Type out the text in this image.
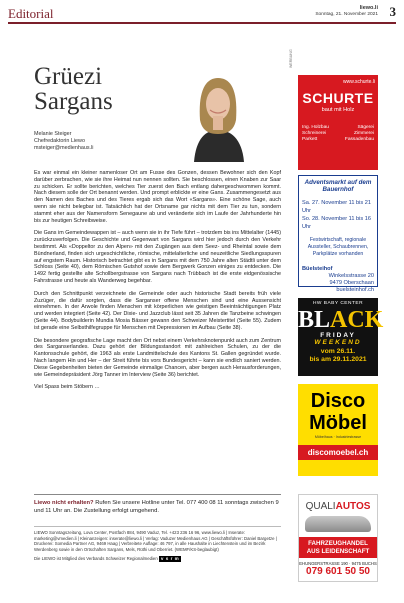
Editorial	liewo.li
Sonntag, 21. November 2021 3
Grüezi
Sargans
Melanie Steiger
Chefredaktorin Liewo
msteiger@medienhaus.li

Es war einmal ein kleiner namenloser Ort am Fusse des Gonzen, dessen Bewohner sich den Kopf darüber zerbrachen, wie sie ihre Heimat nun nennen sollten. Sie beschlossen, einen Knaben zur Saar zu schicken. Er sollte berichten, welches Tier zuerst den Bach entlang dahergeschwommen kommt. Nach diesem solle der Ort benannt werden. Und prompt erblickte er eine Gans. Zusammengesetzt aus den Namen des Baches und des Tieres ergab sich das Wort «Sargans». Eine schöne Sage, auch wenn sie nicht belegbar ist. Tatsächlich hat der Ortsname gar nichts mit dem Tier zu tun, sondern stammt eher aus der Namensform Senegaune ab und veränderte sich im Laufe der Jahrhunderte hin bis zur heutigen Schreibweise.

Die Gans im Gemeindewappen ist – auch wenn sie in ihr Tiefe führt – trotzdem bis ins Mittelalter (1445) zurückzuverfolgen. Die Geschichte und Gegenwart von Sargans wird hier jedoch durch den Verkehr bestimmt. Als «Doppeltor zu den Alpen» mit den Zugängen aus dem Seez- und Rheintal sowie dem Bündnerland, finden sich urgeschichtliche, römische, mittelalterliche und neuzeitliche Siedlungsspuren auf engstem Raum. Historisch betrachtet gibt es in Sargans mit dem 750 Jahre alten Städtli unter dem Schloss (Seite 40), dem Römischen Gutshof sowie dem Bergwerk Gonzen einiges zu entdecken. Die 1492 fertig gestellte alte Schollbergstrasse von Sargans nach Trübbach ist die erste eidgenössische Fahrstrasse und heute als Wanderweg begehbar.

Durch den Schnittpunkt verzeichnete die Gemeinde oder auch historische Stadt bereits früh viele Zuzüger, die dafür sorgten, dass die Sarganser offene Menschen sind und eine Aussensicht einnehmen. In der Arwole finden Menschen mit körperlichen wie geistigen Beeinträchtigungen Platz und werden integriert (Seite 42). Der Dixie- und Jazzclub lässt seit 35 Jahren die Tanzbeine schwingen (Seite 44). Bodybuilderin Mundia Mosia Bässer gewann den Schweizer Meistertitel (Seite 55). Zudem ist gerade eine Selbsthilfegruppe für Menschen mit Depressionen im Aufbau (Seite 38).

Die besondere geografische Lage macht den Ort nebst einem Verkehrsknotenpunkt auch zum Zentrum des Sarganserlandes. Dazu gehört der Bildungsstandort mit zahlreichen Schulen, zu der die Kantonsschule gehört, die 1963 als erste Landmittelschule des Kantons St. Gallen gegründet wurde. Nach langem Hin und Her – der Streit führte bis vors Bundesgericht – kann sie endlich saniert werden. Diese Gegebenheiten bieten der Gemeinde einmalige Chancen, aber bergen auch Herausforderungen, wie Gemeindepräsident Jörg Tanner im Interview (Seite 36) berichtet.

Viel Spass beim Stöbern …

Liewo nicht erhalten? Rufen Sie unsere Hotline unter Tel. 077 400 08 11 sonntags zwischen 9 und 11 Uhr an. Die Zustellung erfolgt umgehend.
LIEWO Sonntagszeitung, Lova Center, Postfach 884, 9490 Vaduz, Tel. +423 236 16 96, www.liewo.li | Inserate: marketing@vmedien.li | Kleinanzeigen: inserate@liewo.li | Verlag: Vaduzer Medienhaus AG | Geschäftsführer: Daniel Bargetze | Druckerei: Somedia Partner AG, 9469 Haag | Verbreitete Auflage: 46 797, in alle Haushalte in Liechtenstein und im Bezirk Werdenberg sowie in den Ortschaften Sargans, Mels, Rüthi und Oberriet. (WEMF/KS-beglaubigt)
Die LIEWO ist Mitglied des Verbands Schweizer Regionalmedien v s r m
WERBUNG
www.schurte.li
SCHURTE
baut mit Holz
Ing. Holzbau	Sägerei
Schreinerei	Zimmerei
Parkett	Fassadenbau
Adventsmarkt auf dem Bauernhof
Sa. 27. November 11 bis 21 Uhr
So. 28. November 11 bis 16 Uhr
Festwirtschaft, regionale Aussteller, Schaubrennen, Parkplätze vorhanden
Büelsteihof
Winkelsstrasse 20
9479 Oberschaan
buelsteinhof.ch
HW BABY CENTER
BLACK
FRIDAY WEEKEND
vom 26.11.
bis am 29.11.2021
Disco
Möbel
Möbelhaus · Industriestrasse
discomoebel.ch
QUALIAUTOS
FAHRZEUGHANDEL AUS LEIDENSCHAFT
EHUNGERSTRASSE 190 · 9475 BUCHS
079 601 50 50
